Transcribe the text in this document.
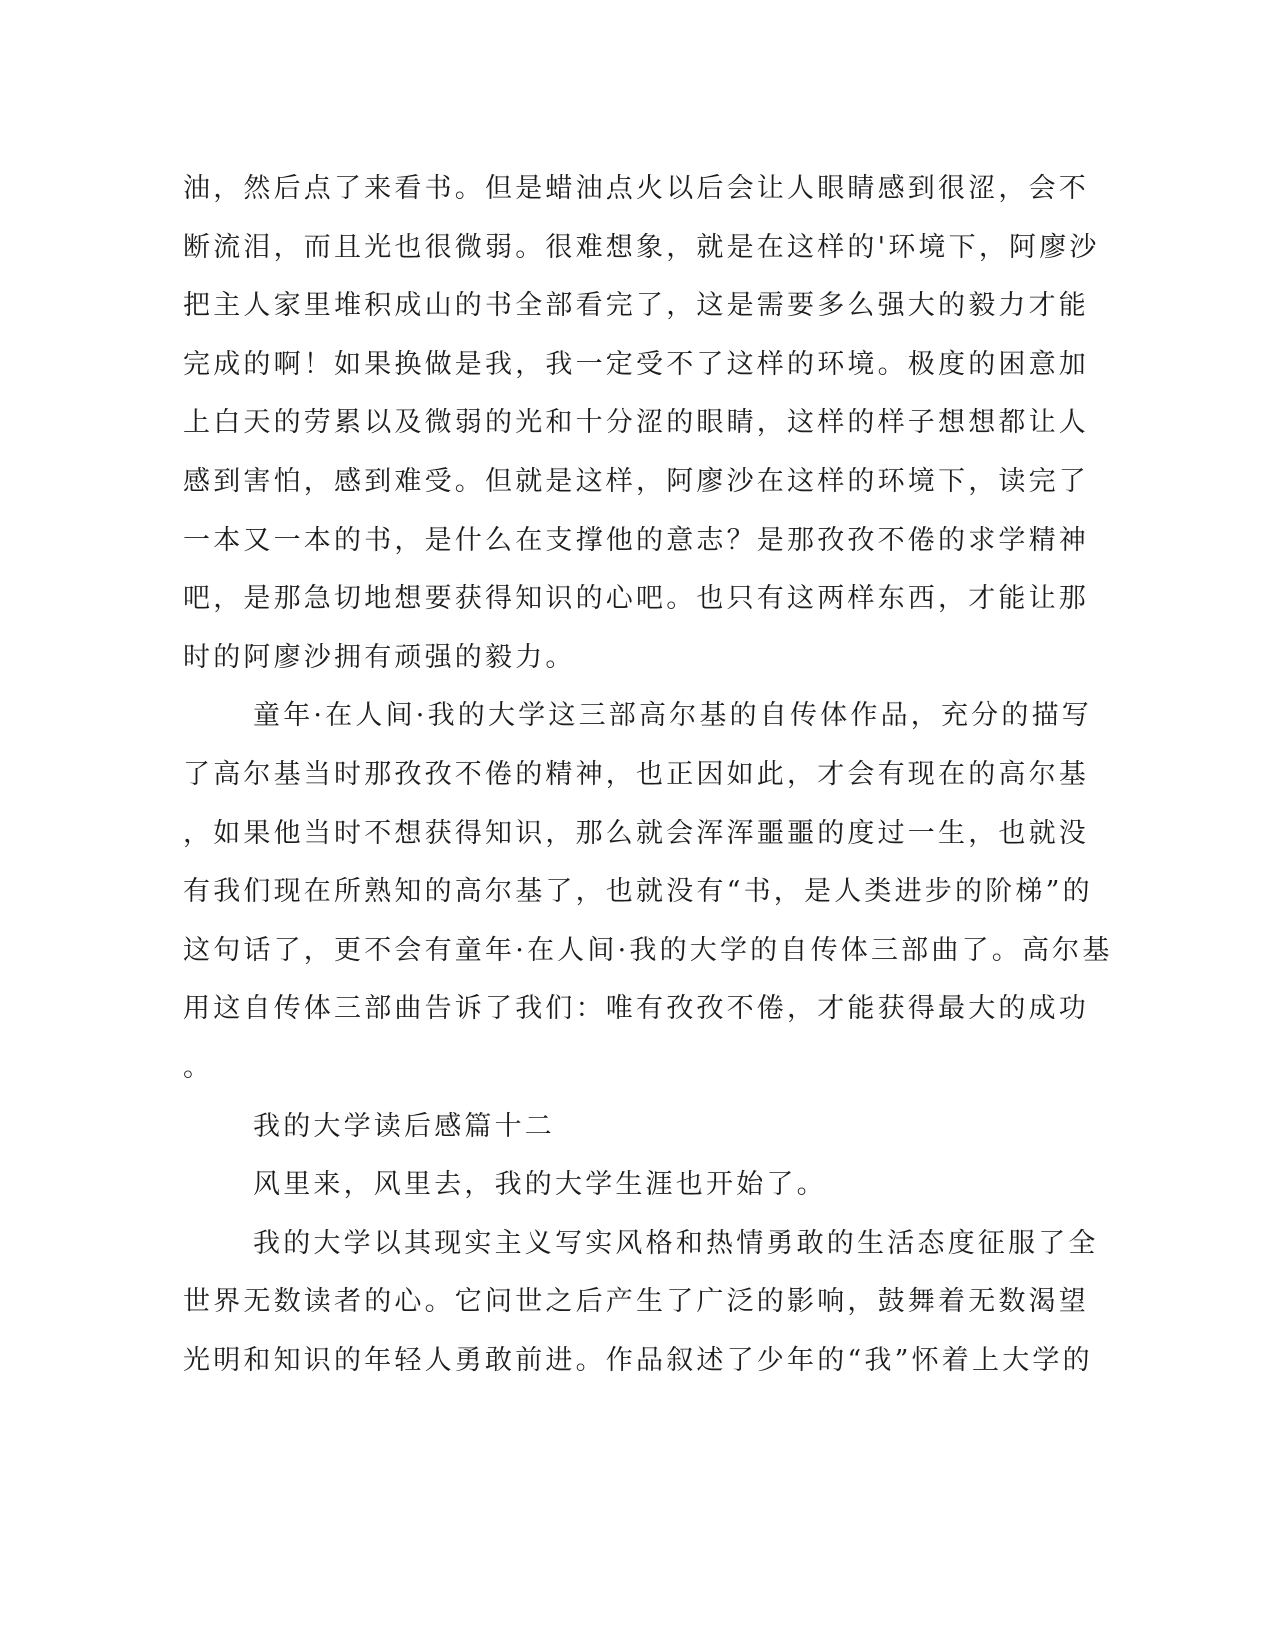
油，然后点了来看书。但是蜡油点火以后会让人眼睛感到很涩，会不
断流泪，而且光也很微弱。很难想象，就是在这样的'环境下，阿廖沙
把主人家里堆积成山的书全部看完了，这是需要多么强大的毅力才能
完成的啊！如果换做是我，我一定受不了这样的环境。极度的困意加
上白天的劳累以及微弱的光和十分涩的眼睛，这样的样子想想都让人
感到害怕，感到难受。但就是这样，阿廖沙在这样的环境下，读完了
一本又一本的书，是什么在支撑他的意志？是那孜孜不倦的求学精神
吧，是那急切地想要获得知识的心吧。也只有这两样东西，才能让那
时的阿廖沙拥有顽强的毅力。
童年·在人间·我的大学这三部高尔基的自传体作品，充分的描写
了高尔基当时那孜孜不倦的精神，也正因如此，才会有现在的高尔基
，如果他当时不想获得知识，那么就会浑浑噩噩的度过一生，也就没
有我们现在所熟知的高尔基了，也就没有“书，是人类进步的阶梯”的
这句话了，更不会有童年·在人间·我的大学的自传体三部曲了。高尔基
用这自传体三部曲告诉了我们：唯有孜孜不倦，才能获得最大的成功
。
我的大学读后感篇十二
风里来，风里去，我的大学生涯也开始了。
我的大学以其现实主义写实风格和热情勇敢的生活态度征服了全
世界无数读者的心。它问世之后产生了广泛的影响，鼓舞着无数渴望
光明和知识的年轻人勇敢前进。作品叙述了少年的“我”怀着上大学的
